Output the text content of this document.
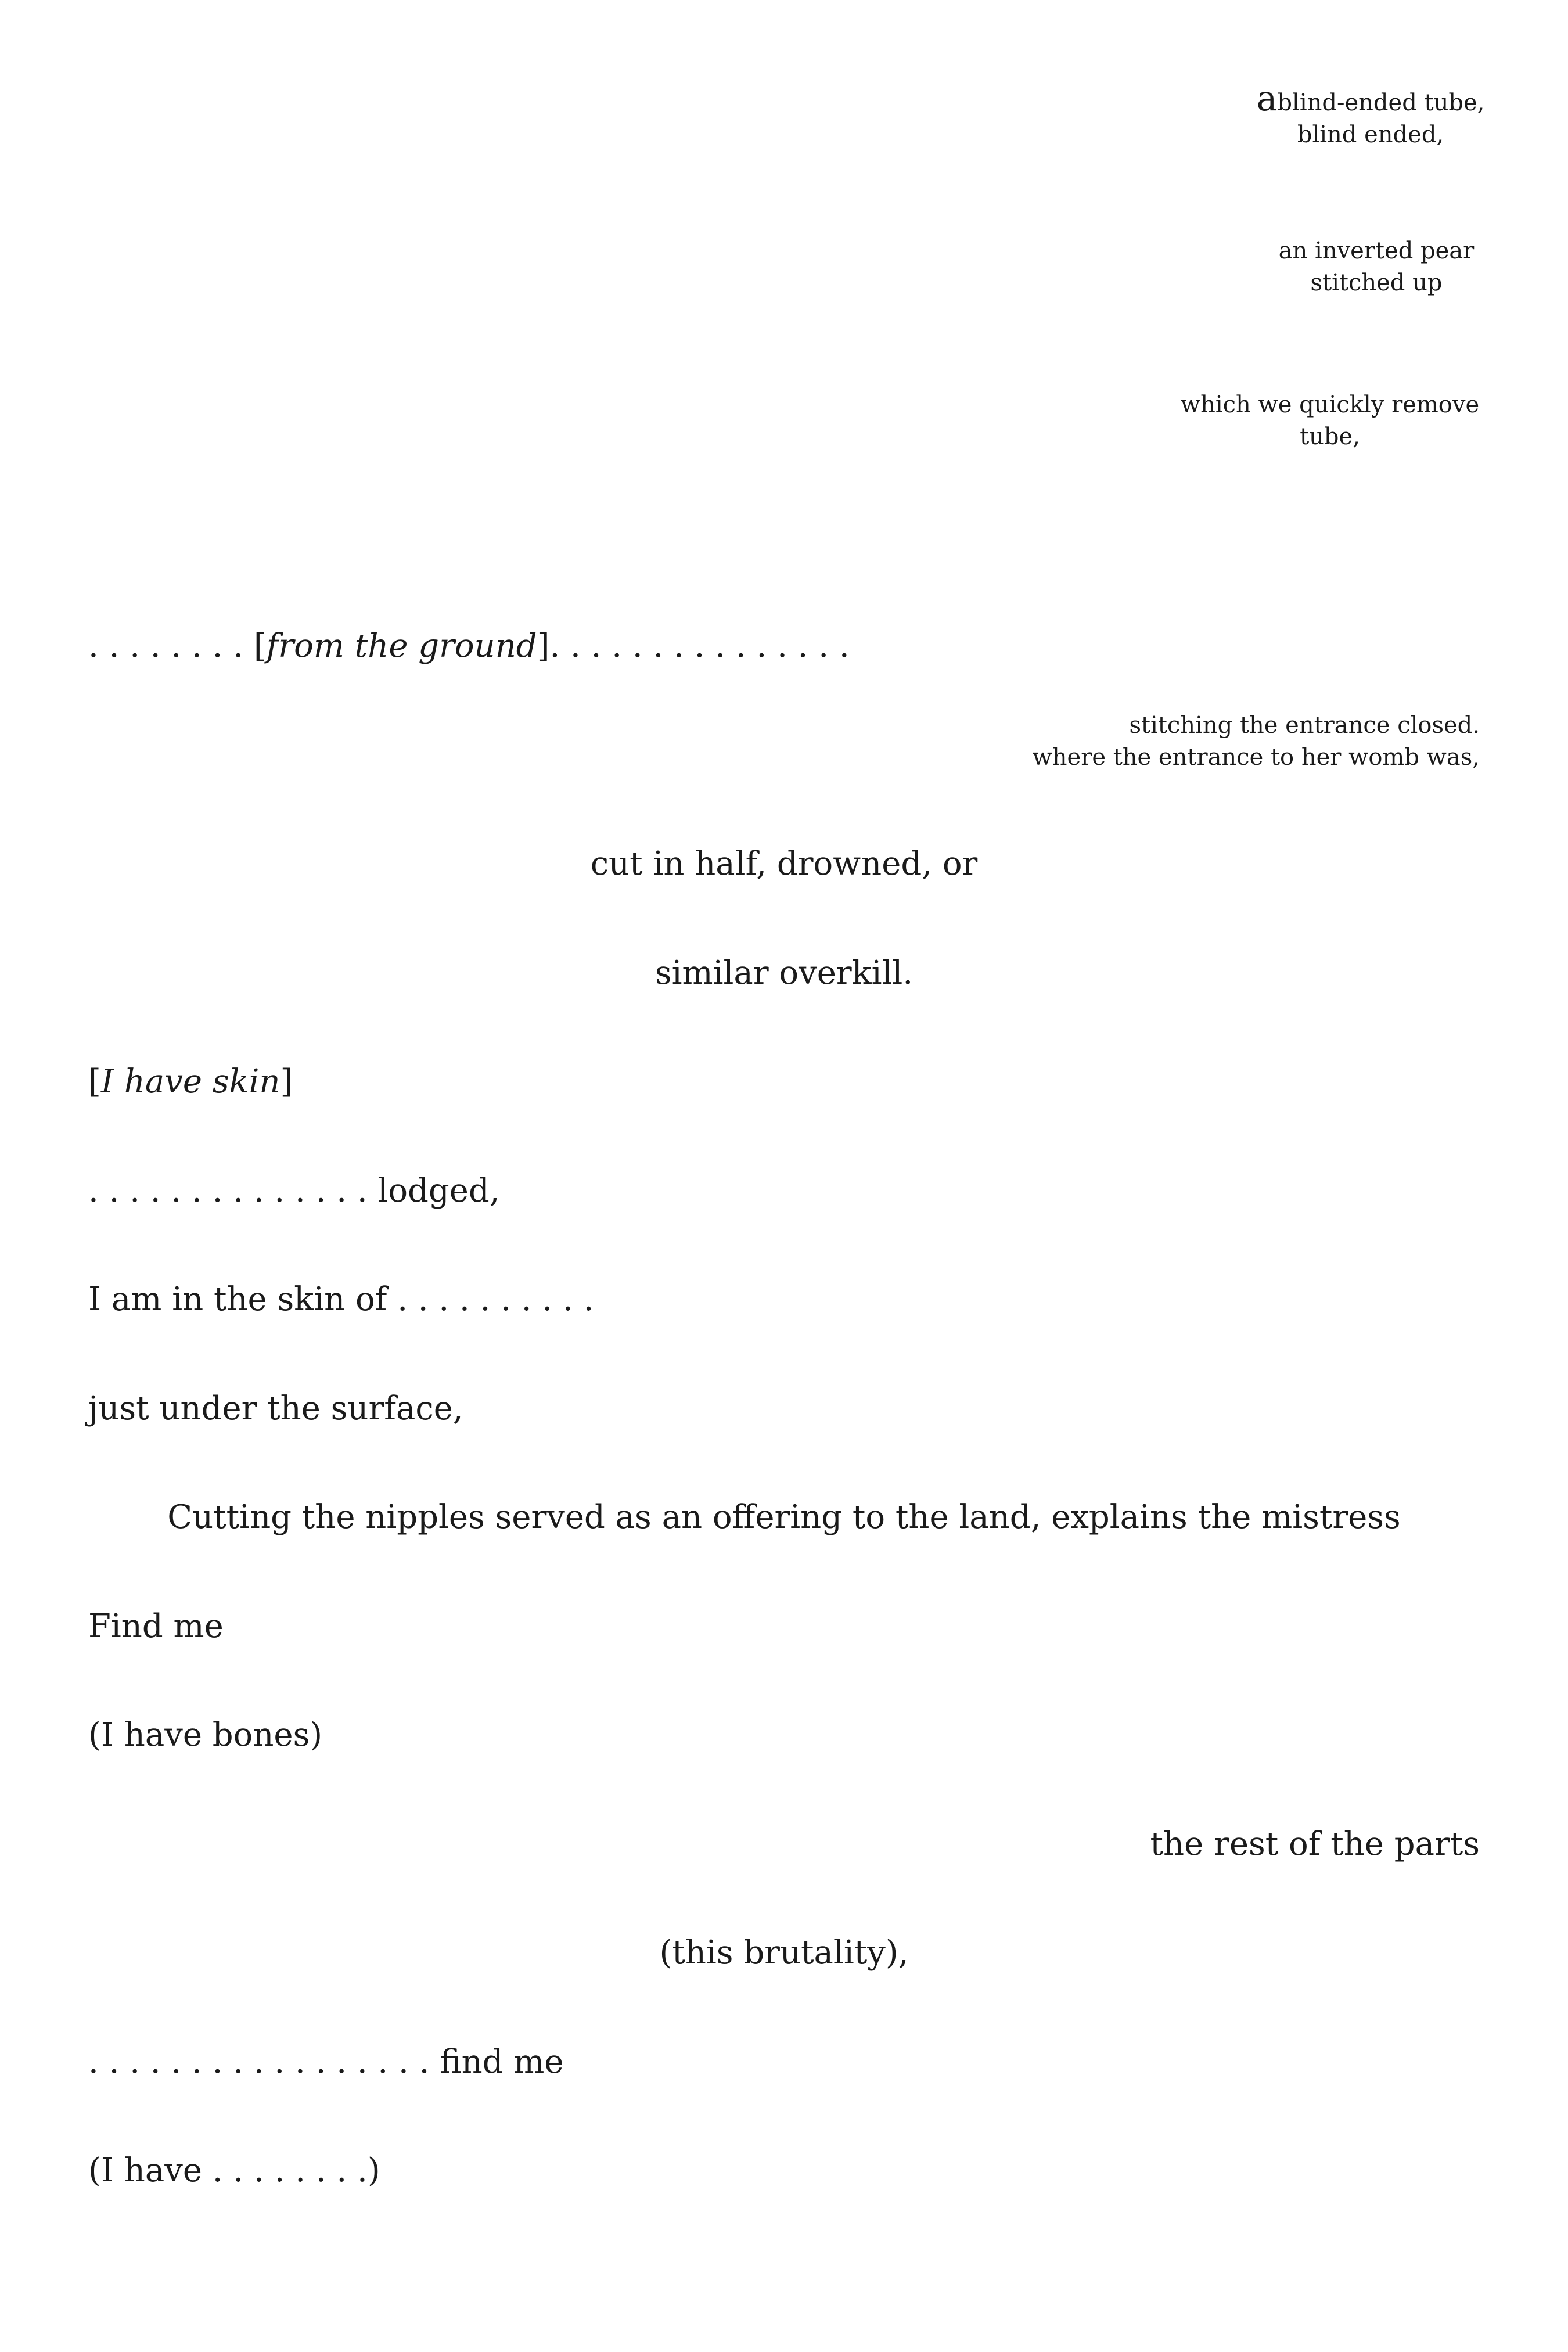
ablind-ended tube,
blind ended,
an inverted pear
stitched up
which we quickly remove
tube,
. . . . . . . . [from the ground]. . . . . . . . . . . . . . .
stitching the entrance closed.
where the entrance to her womb was,
cut in half, drowned, or
similar overkill.
[I have skin]
. . . . . . . . . . . . . . lodged,
I am in the skin of . . . . . . . . . .
just under the surface,
Cutting the nipples served as an offering to the land, explains the mistress
Find me
(I have bones)
the rest of the parts
(this brutality),
. . . . . . . . . . . . . . . . . find me
(I have . . . . . . . .)
